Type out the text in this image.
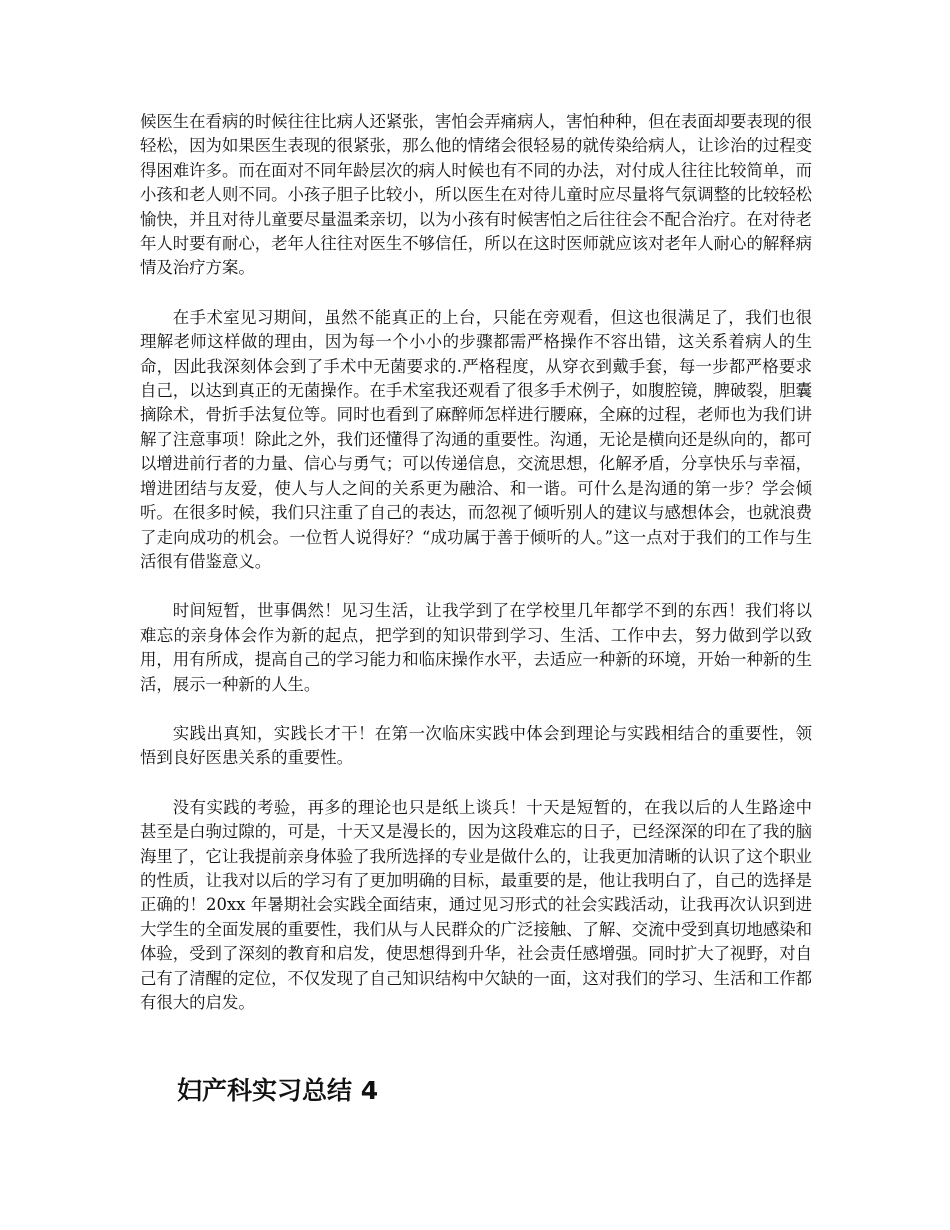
候医生在看病的时候往往比病人还紧张，害怕会弄痛病人，害怕种种，但在表面却要表现的很轻松，因为如果医生表现的很紧张，那么他的情绪会很轻易的就传染给病人，让诊治的过程变得困难许多。而在面对不同年龄层次的病人时候也有不同的办法，对付成人往往比较简单，而小孩和老人则不同。小孩子胆子比较小，所以医生在对待儿童时应尽量将气氛调整的比较轻松愉快，并且对待儿童要尽量温柔亲切，以为小孩有时候害怕之后往往会不配合治疗。在对待老年人时要有耐心，老年人往往对医生不够信任，所以在这时医师就应该对老年人耐心的解释病情及治疗方案。

在手术室见习期间，虽然不能真正的上台，只能在旁观看，但这也很满足了，我们也很理解老师这样做的理由，因为每一个小小的步骤都需严格操作不容出错，这关系着病人的生命，因此我深刻体会到了手术中无菌要求的.严格程度，从穿衣到戴手套，每一步都严格要求自己，以达到真正的无菌操作。在手术室我还观看了很多手术例子，如腹腔镜，脾破裂，胆囊摘除术，骨折手法复位等。同时也看到了麻醉师怎样进行腰麻，全麻的过程，老师也为我们讲解了注意事项！除此之外，我们还懂得了沟通的重要性。沟通，无论是横向还是纵向的，都可以增进前行者的力量、信心与勇气；可以传递信息，交流思想，化解矛盾，分享快乐与幸福，增进团结与友爱，使人与人之间的关系更为融洽、和一谐。可什么是沟通的第一步？学会倾听。在很多时候，我们只注重了自己的表达，而忽视了倾听别人的建议与感想体会，也就浪费了走向成功的机会。一位哲人说得好？“成功属于善于倾听的人。”这一点对于我们的工作与生活很有借鉴意义。

时间短暂，世事偶然！见习生活，让我学到了在学校里几年都学不到的东西！我们将以难忘的亲身体会作为新的起点，把学到的知识带到学习、生活、工作中去，努力做到学以致用，用有所成，提高自己的学习能力和临床操作水平，去适应一种新的环境，开始一种新的生活，展示一种新的人生。

实践出真知，实践长才干！在第一次临床实践中体会到理论与实践相结合的重要性，领悟到良好医患关系的重要性。

没有实践的考验，再多的理论也只是纸上谈兵！十天是短暂的，在我以后的人生路途中甚至是白驹过隙的，可是，十天又是漫长的，因为这段难忘的日子，已经深深的印在了我的脑海里了，它让我提前亲身体验了我所选择的专业是做什么的，让我更加清晰的认识了这个职业的性质，让我对以后的学习有了更加明确的目标，最重要的是，他让我明白了，自己的选择是正确的！20xx 年暑期社会实践全面结束，通过见习形式的社会实践活动，让我再次认识到进大学生的全面发展的重要性，我们从与人民群众的广泛接触、了解、交流中受到真切地感染和体验，受到了深刻的教育和启发，使思想得到升华，社会责任感增强。同时扩大了视野，对自己有了清醒的定位，不仅发现了自己知识结构中欠缺的一面，这对我们的学习、生活和工作都有很大的启发。

妇产科实习总结 4
